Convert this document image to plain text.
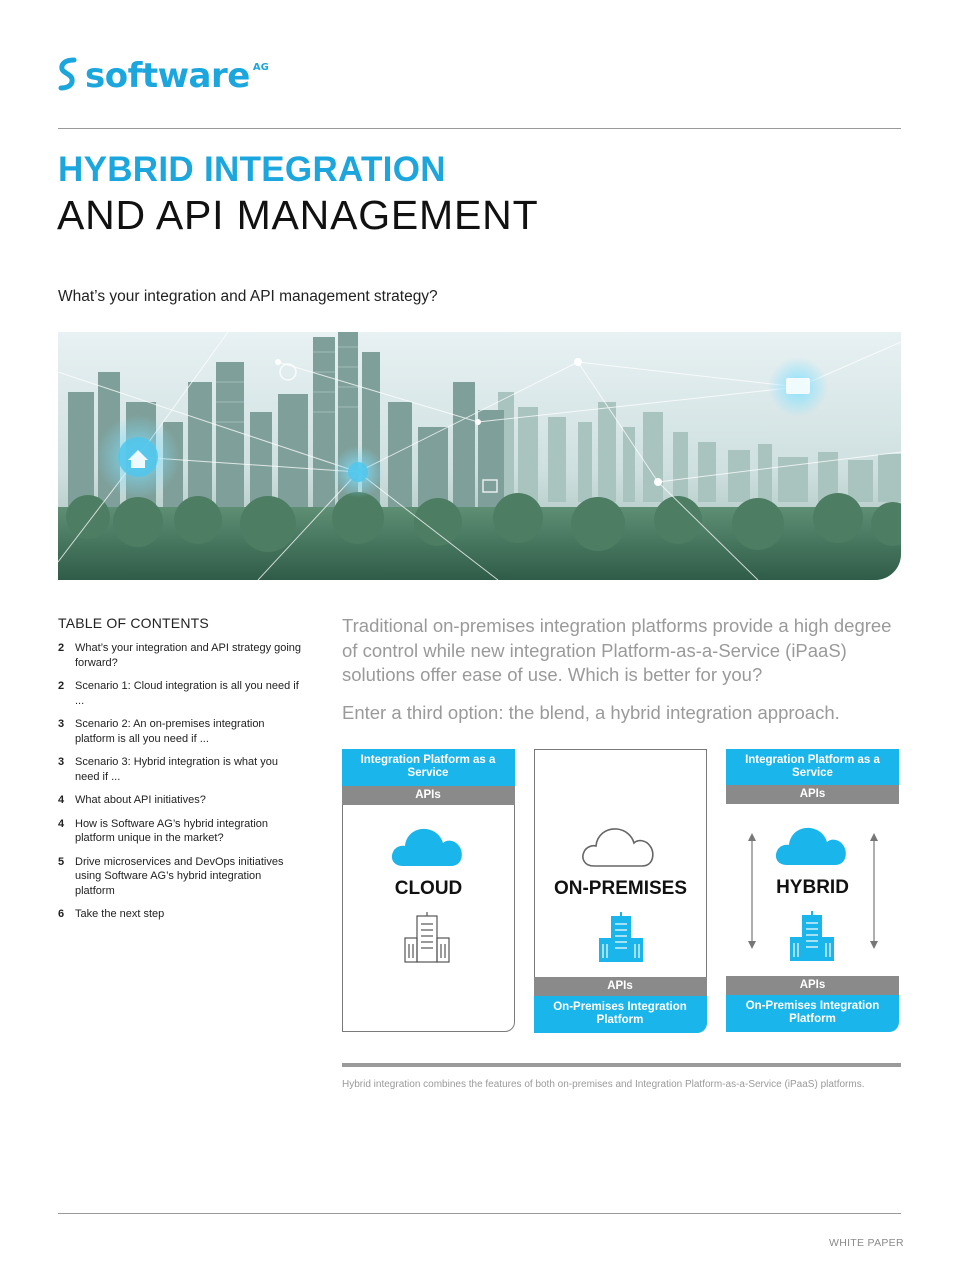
software AG
HYBRID INTEGRATION
AND API MANAGEMENT
What’s your integration and API management strategy?
TABLE OF CONTENTS
2 What’s your integration and API strategy going forward?
2 Scenario 1: Cloud integration is all you need if ...
3 Scenario 2: An on-premises integration platform is all you need if ...
3 Scenario 3: Hybrid integration is what you need if ...
4 What about API initiatives?
4 How is Software AG’s hybrid integration platform unique in the market?
5 Drive microservices and DevOps initiatives using Software AG’s hybrid integration platform
6 Take the next step
Traditional on-premises integration platforms provide a high degree of control while new integration Platform-as-a-Service (iPaaS) solutions offer ease of use. Which is better for you?
Enter a third option: the blend, a hybrid integration approach.
Integration Platform as a Service
APIs
CLOUD	ON-PREMISES
APIs
On-Premises Integration Platform
Integration Platform as a Service
APIs
HYBRID
APIs
On-Premises Integration Platform
Hybrid integration combines the features of both on-premises and Integration Platform-as-a-Service (iPaaS) platforms.
WHITE PAPER
